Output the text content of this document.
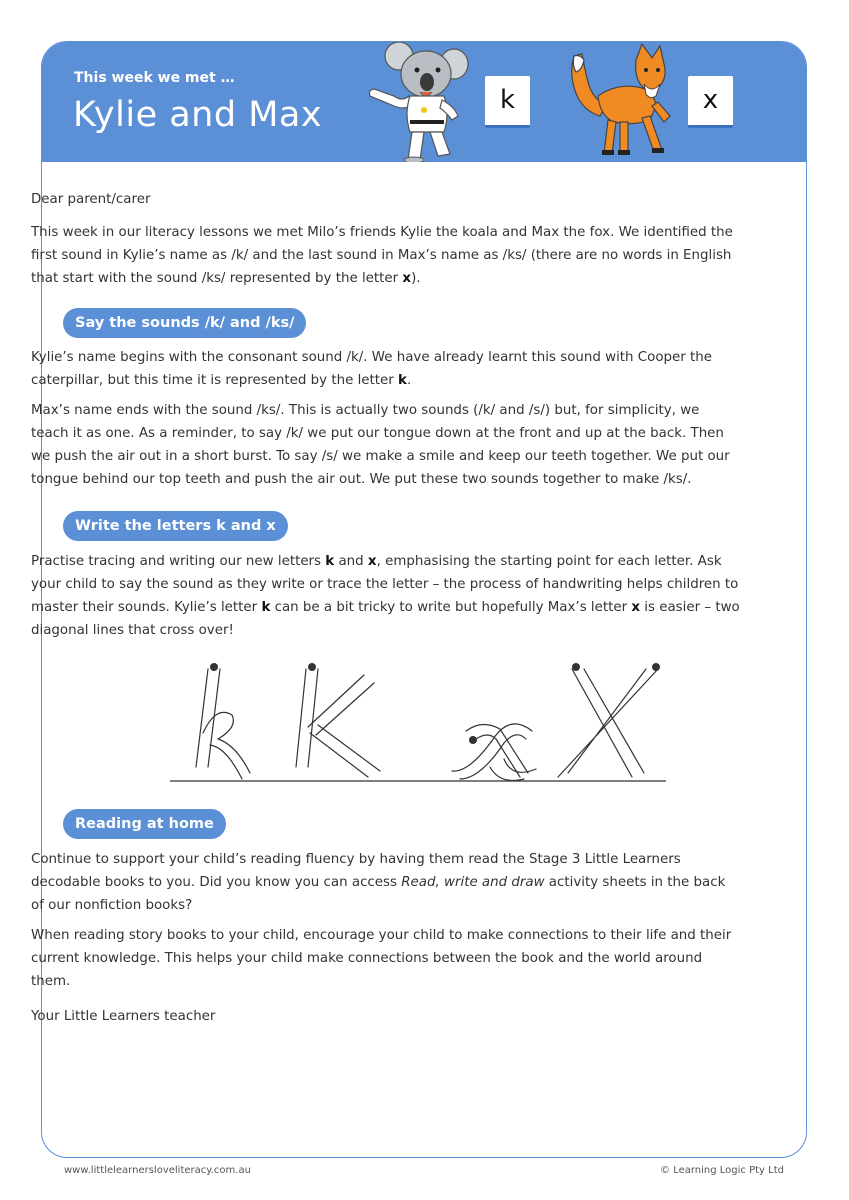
This week we met …
Kylie and Max	k	x

Dear parent/carer

This week in our literacy lessons we met Milo’s friends Kylie the koala and Max the fox. We identified the first sound in Kylie’s name as /k/ and the last sound in Max’s name as /ks/ (there are no words in English that start with the sound /ks/ represented by the letter x).

Say the sounds /k/ and /ks/

Kylie’s name begins with the consonant sound /k/. We have already learnt this sound with Cooper the caterpillar, but this time it is represented by the letter k.

Max’s name ends with the sound /ks/. This is actually two sounds (/k/ and /s/) but, for simplicity, we teach it as one. As a reminder, to say /k/ we put our tongue down at the front and up at the back. Then we push the air out in a short burst. To say /s/ we make a smile and keep our teeth together. We put our tongue behind our top teeth and push the air out. We put these two sounds together to make /ks/.

Write the letters k and x

Practise tracing and writing our new letters k and x, emphasising the starting point for each letter. Ask your child to say the sound as they write or trace the letter – the process of handwriting helps children to master their sounds. Kylie’s letter k can be a bit tricky to write but hopefully Max’s letter x is easier – two diagonal lines that cross over!

Reading at home

Continue to support your child’s reading fluency by having them read the Stage 3 Little Learners decodable books to you. Did you know you can access Read, write and draw activity sheets in the back of our nonfiction books?

When reading story books to your child, encourage your child to make connections to their life and their current knowledge. This helps your child make connections between the book and the world around them.

Your Little Learners teacher

www.littlelearnersloveliteracy.com.au	© Learning Logic Pty Ltd
